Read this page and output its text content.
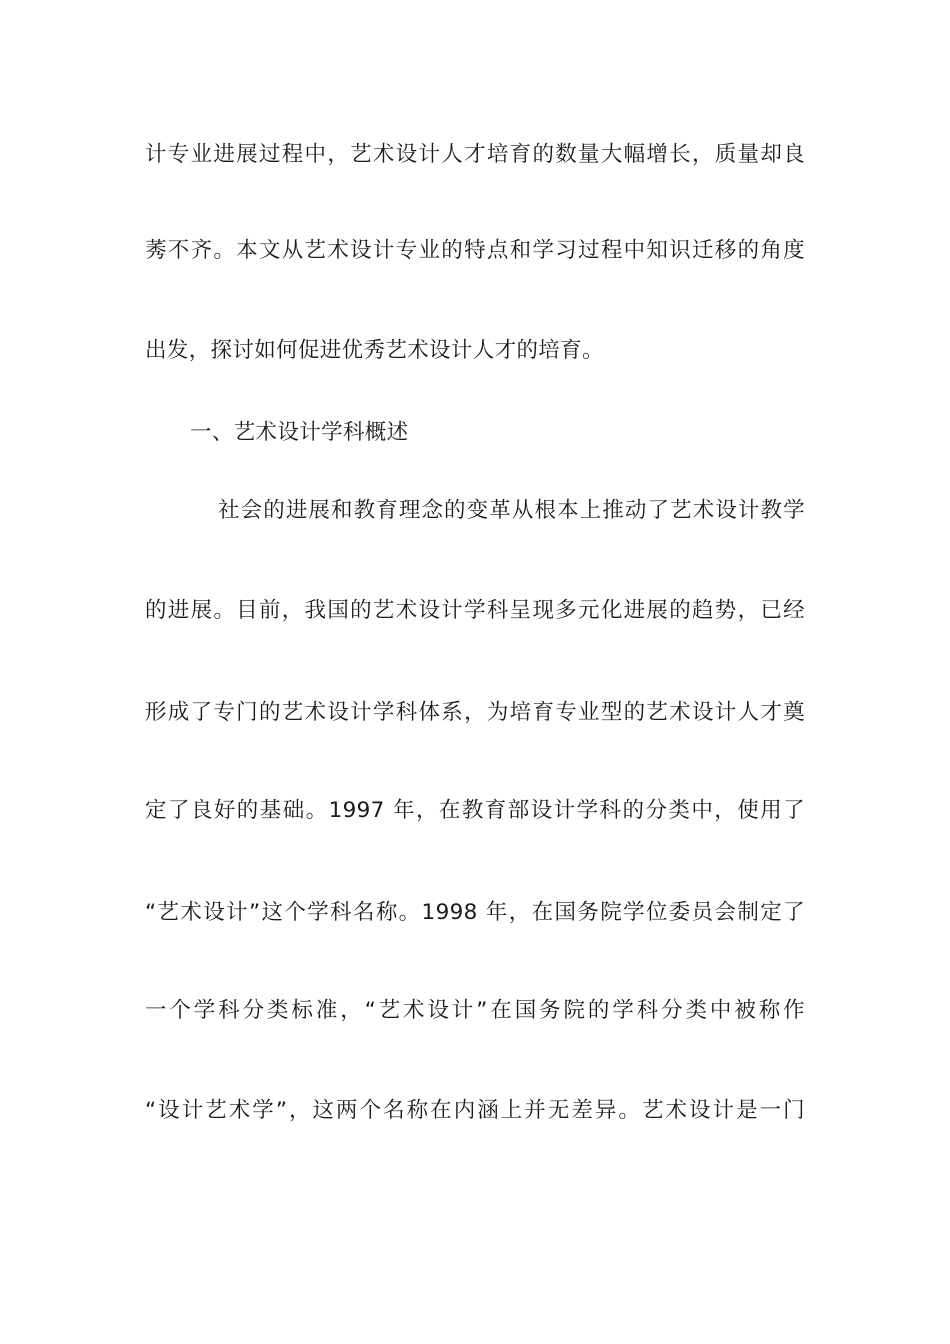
计专业进展过程中，艺术设计人才培育的数量大幅增长，质量却良
莠不齐。本文从艺术设计专业的特点和学习过程中知识迁移的角度
出发，探讨如何促进优秀艺术设计人才的培育。
一、艺术设计学科概述
社会的进展和教育理念的变革从根本上推动了艺术设计教学
的进展。目前，我国的艺术设计学科呈现多元化进展的趋势，已经
形成了专门的艺术设计学科体系，为培育专业型的艺术设计人才奠
定了良好的基础。1997 年，在教育部设计学科的分类中，使用了
“艺术设计”这个学科名称。1998 年，在国务院学位委员会制定了
一个学科分类标准，“艺术设计”在国务院的学科分类中被称作
“设计艺术学”，这两个名称在内涵上并无差异。艺术设计是一门
